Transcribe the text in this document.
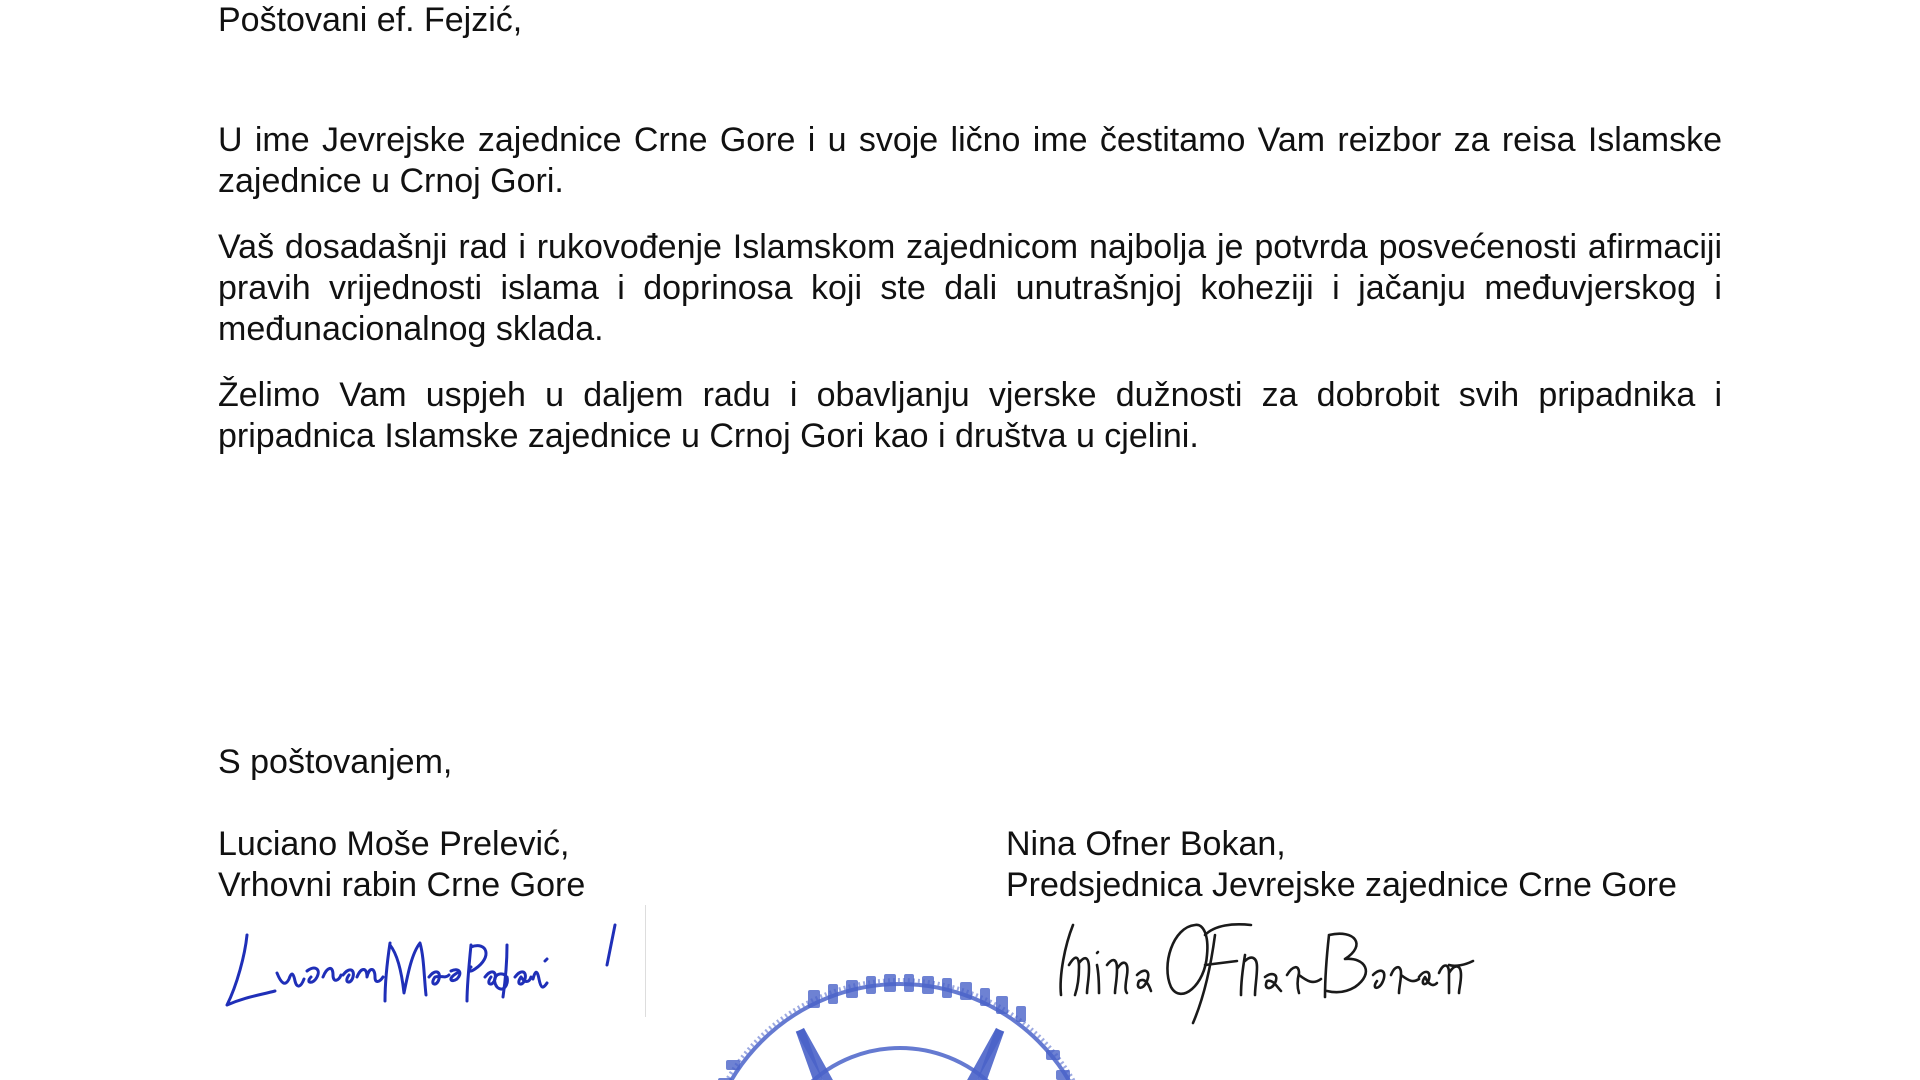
Poštovani ef. Fejzić,

U ime Jevrejske zajednice Crne Gore i u svoje lično ime čestitamo Vam reizbor za reisa Islamske zajednice u Crnoj Gori.

Vaš dosadašnji rad i rukovođenje Islamskom zajednicom najbolja je potvrda posvećenosti afirmaciji pravih vrijednosti islama i doprinosa koji ste dali unutrašnjoj koheziji i jačanju međuvjerskog i međunacionalnog sklada.

Želimo Vam uspjeh u daljem radu i obavljanju vjerske dužnosti za dobrobit svih pripadnika i pripadnica Islamske zajednice u Crnoj Gori kao i društva u cjelini.

S poštovanjem,

Luciano Moše Prelević,
Vrhovni rabin Crne Gore
Nina Ofner Bokan,
Predsjednica Jevrejske zajednice Crne Gore
